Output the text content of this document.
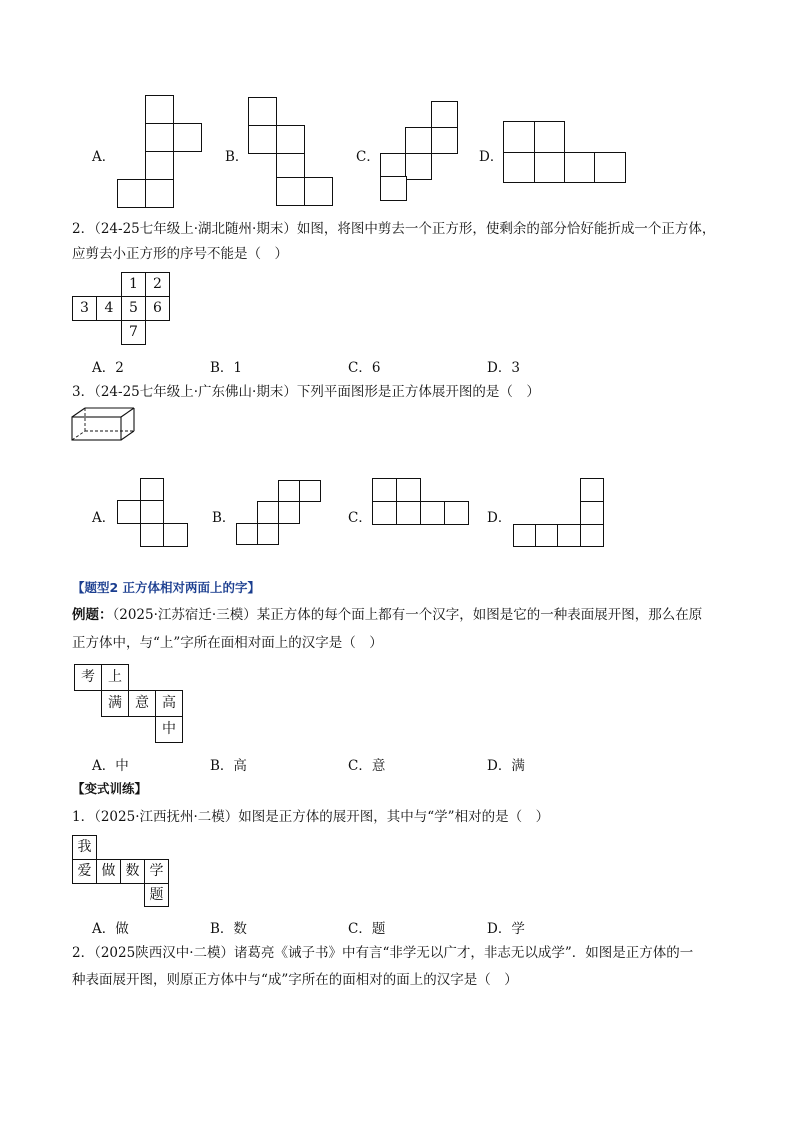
A．	B．	C．	D．
2．（24-25七年级上·湖北随州·期末）如图，将图中剪去一个正方形，使剩余的部分恰好能折成一个正方体，
应剪去小正方形的序号不能是（　）
1	2
3	4	5	6
7
A．2	B．1	C．6	D．3
3．（24-25七年级上·广东佛山·期末）下列平面图形是正方体展开图的是（　）
A．	B．	C．	D．
【题型2 正方体相对两面上的字】
例题：（2025·江苏宿迁·三模）某正方体的每个面上都有一个汉字，如图是它的一种表面展开图，那么在原
正方体中，与“上”字所在面相对面上的汉字是（　）
考 上
满 意 高
中
A．中	B．高	C．意	D．满
【变式训练】
1．（2025·江西抚州·二模）如图是正方体的展开图，其中与“学”相对的是（　）
我
爱 做 数 学
题
A．做	B．数	C．题	D．学
2．（2025陕西汉中·二模）诸葛亮《诫子书》中有言“非学无以广才，非志无以成学”．如图是正方体的一
种表面展开图，则原正方体中与“成”字所在的面相对的面上的汉字是（　）
